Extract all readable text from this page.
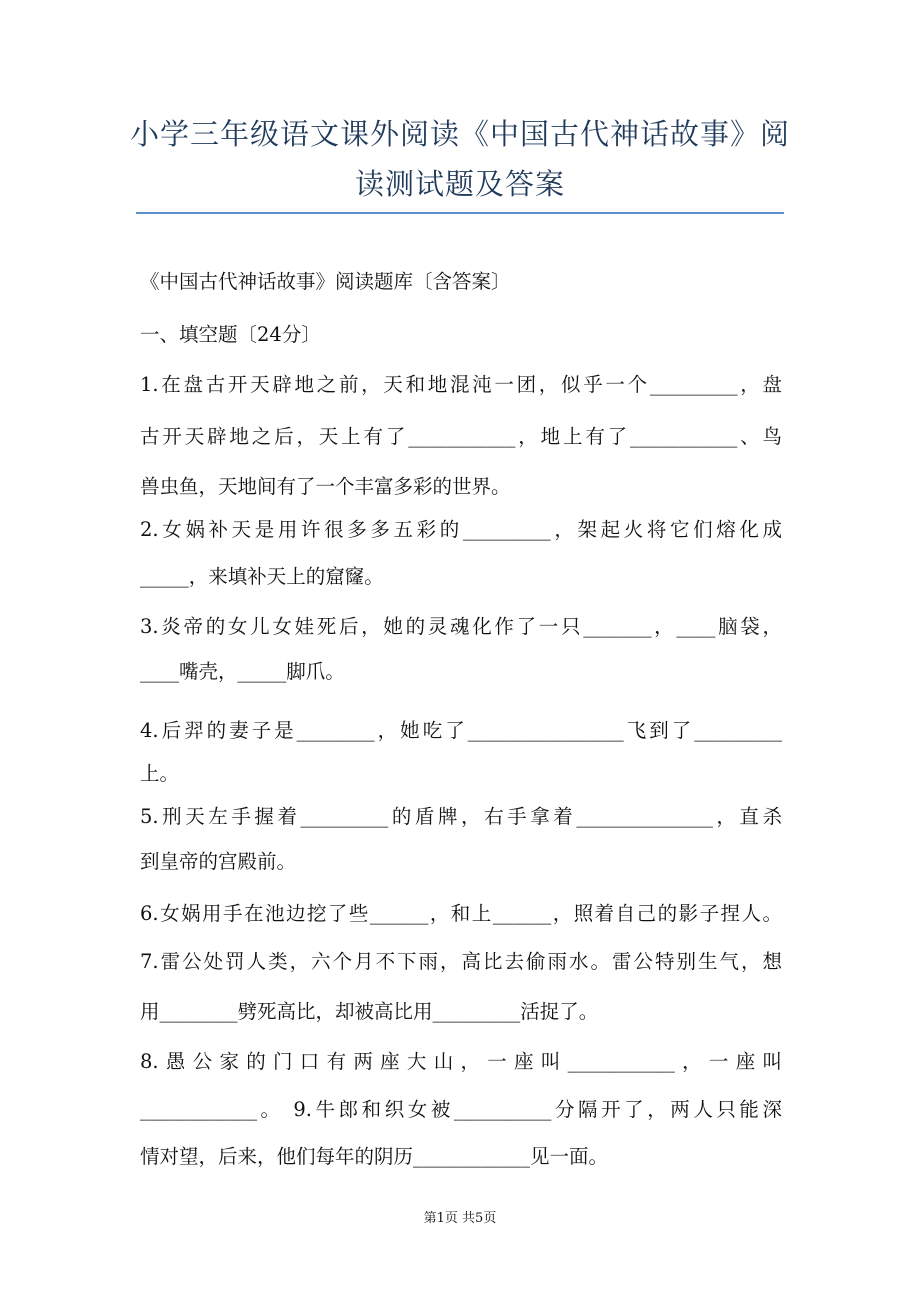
小学三年级语文课外阅读《中国古代神话故事》阅
读测试题及答案
《中国古代神话故事》阅读题库〔含答案〕
一、填空题〔24分〕
1.在盘古开天辟地之前，天和地混沌一团，似乎一个_________，盘
古开天辟地之后，天上有了___________，地上有了___________、鸟
兽虫鱼，天地间有了一个丰富多彩的世界。
2.女娲补天是用许很多多五彩的_________，架起火将它们熔化成
_____，来填补天上的窟窿。
3.炎帝的女儿女娃死后，她的灵魂化作了一只_______，____脑袋，
____嘴壳，_____脚爪。
4.后羿的妻子是________，她吃了________________飞到了_________
上。
5.刑天左手握着_________的盾牌，右手拿着______________，直杀
到皇帝的宫殿前。
6.女娲用手在池边挖了些______，和上______，照着自己的影子捏人。
7.雷公处罚人类，六个月不下雨，高比去偷雨水。雷公特别生气，想
用________劈死高比，却被高比用_________活捉了。
8.愚公家的门口有两座大山，一座叫___________，一座叫
____________。 9.牛郎和织女被__________分隔开了，两人只能深
情对望，后来，他们每年的阴历____________见一面。
第1页 共5页
